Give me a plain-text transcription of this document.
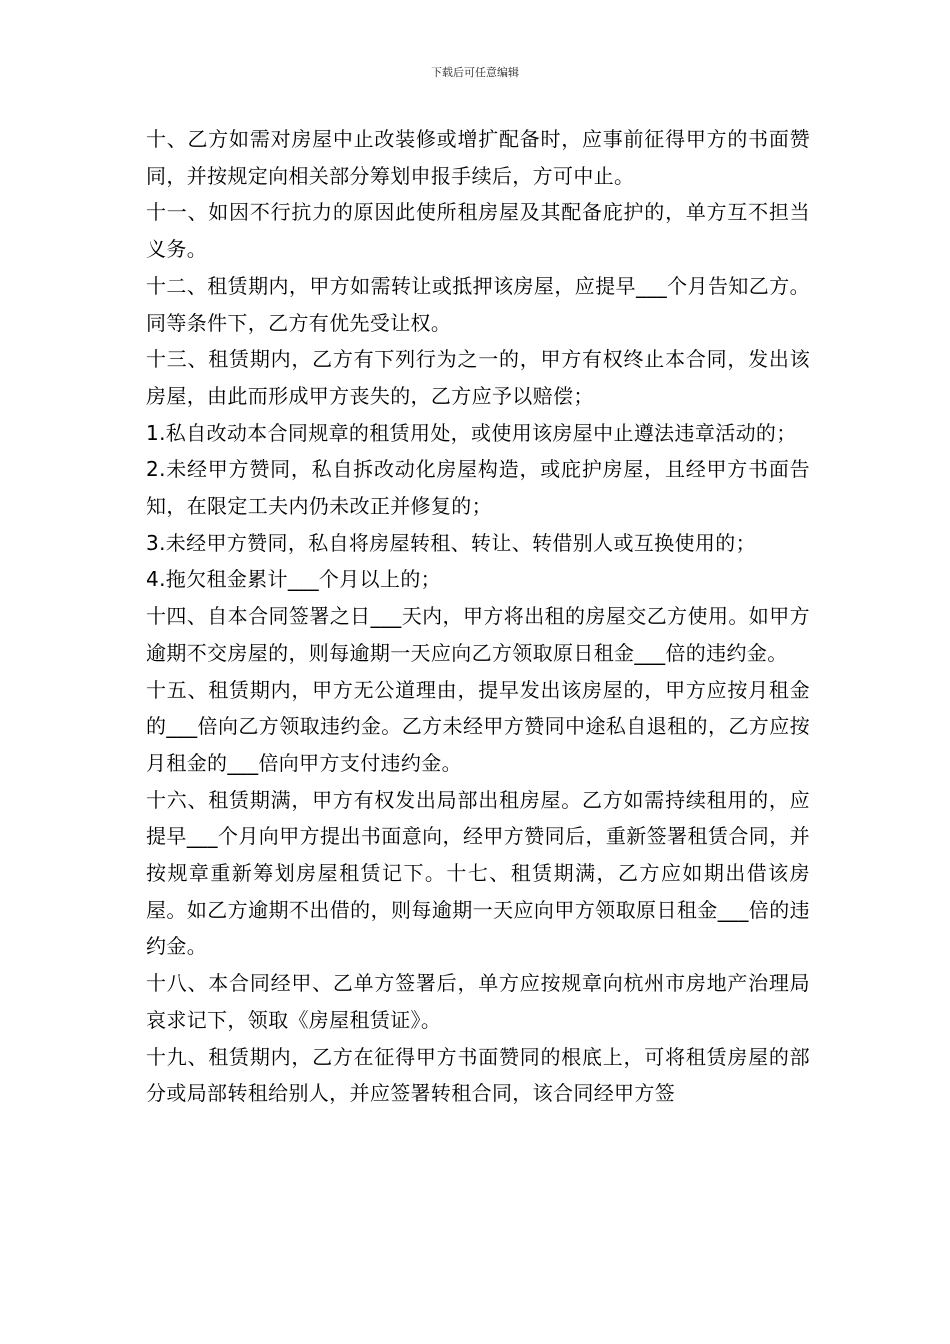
下载后可任意编辑

十、乙方如需对房屋中止改装修或增扩配备时，应事前征得甲方的书面赞同，并按规定向相关部分筹划申报手续后，方可中止。

十一、如因不行抗力的原因此使所租房屋及其配备庇护的，单方互不担当义务。

十二、租赁期内，甲方如需转让或抵押该房屋，应提早___个月告知乙方。同等条件下，乙方有优先受让权。

十三、租赁期内，乙方有下列行为之一的，甲方有权终止本合同，发出该房屋，由此而形成甲方丧失的，乙方应予以赔偿；

1.私自改动本合同规章的租赁用处，或使用该房屋中止遵法违章活动的；

2.未经甲方赞同，私自拆改动化房屋构造，或庇护房屋，且经甲方书面告知，在限定工夫内仍未改正并修复的；

3.未经甲方赞同，私自将房屋转租、转让、转借别人或互换使用的；

4.拖欠租金累计___个月以上的；

十四、自本合同签署之日___天内，甲方将出租的房屋交乙方使用。如甲方逾期不交房屋的，则每逾期一天应向乙方领取原日租金___倍的违约金。

十五、租赁期内，甲方无公道理由，提早发出该房屋的，甲方应按月租金的___倍向乙方领取违约金。乙方未经甲方赞同中途私自退租的，乙方应按月租金的___倍向甲方支付违约金。

十六、租赁期满，甲方有权发出局部出租房屋。乙方如需持续租用的，应提早___个月向甲方提出书面意向，经甲方赞同后，重新签署租赁合同，并按规章重新筹划房屋租赁记下。十七、租赁期满，乙方应如期出借该房屋。如乙方逾期不出借的，则每逾期一天应向甲方领取原日租金___倍的违约金。

十八、本合同经甲、乙单方签署后，单方应按规章向杭州市房地产治理局哀求记下，领取《房屋租赁证》。

十九、租赁期内，乙方在征得甲方书面赞同的根底上，可将租赁房屋的部分或局部转租给别人，并应签署转租合同，该合同经甲方签
